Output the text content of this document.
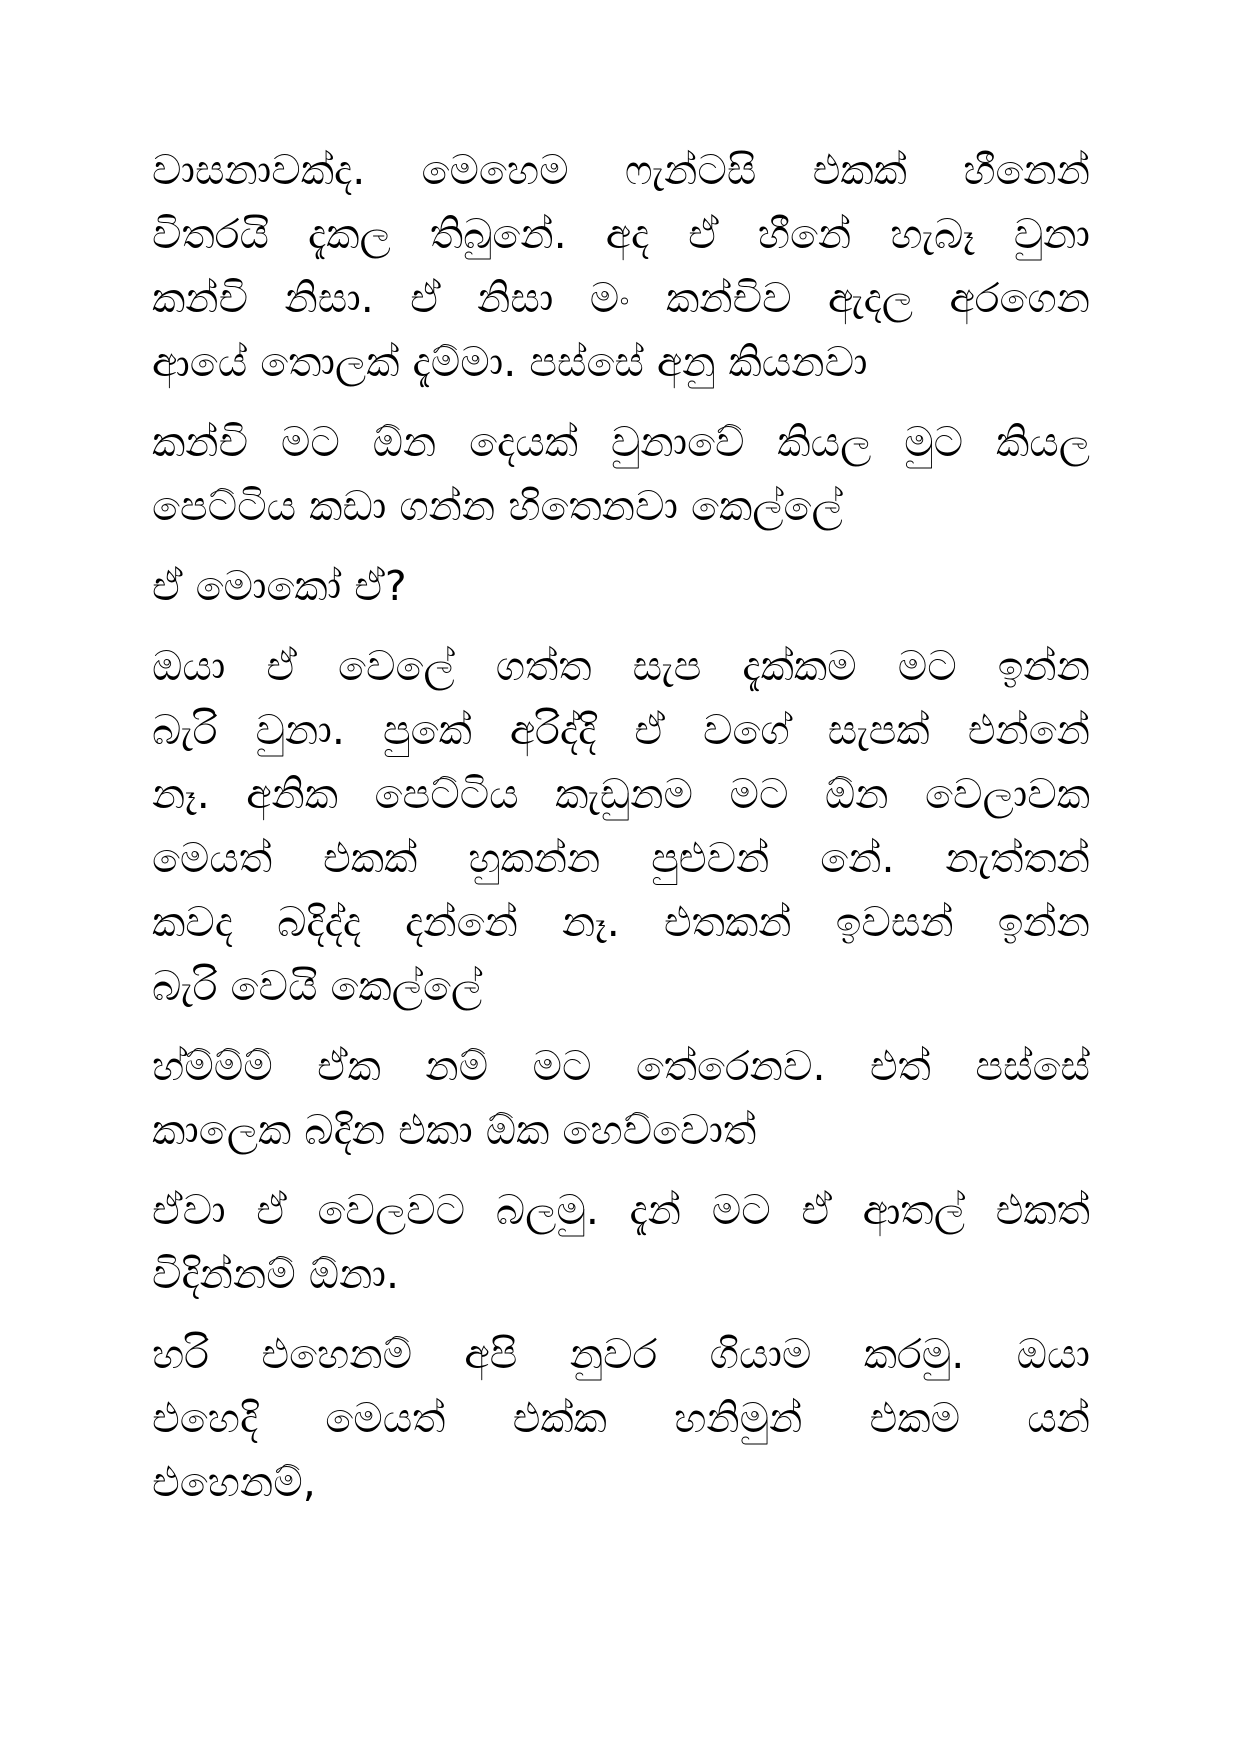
වාසනාවක්ද. මෙහෙම ෆැන්ටසි එකක් හීනෙන්
විතරයි දැකල තිබුනේ. අද ඒ හීනේ හැබෑ වුනා
කන්චි නිසා. ඒ නිසා මං කන්චිව ඇදල අරගෙන
ආයේ තොලක් දැම්මා. පස්සේ අනු කියනවා
කන්චි මට ඕන දෙයක් වුනාවේ කියල මුට කියල
පෙට්ටිය කඩා ගන්න හිතෙනවා කෙල්ලේ
ඒ මොකෝ ඒ?
ඔයා ඒ වෙලේ ගත්ත සැප දැක්කම මට ඉන්න
බැරි වුනා. පුකේ අරිද්දි ඒ වගේ සැපක් එන්නේ
නෑ. අනික පෙට්ටිය කැඩුනම මට ඕන වෙලාවක
මෙයත් එකක් හුකන්න පුළුවන් නේ. නැත්තන්
කවද බදිද්ද දන්නේ නෑ. එතකන් ඉවසන් ඉන්න
බැරි වෙයි කෙල්ලේ
හ්ම්ම්ම් ඒක නම් මට තේරෙනව. එත් පස්සේ
කාලෙක බදින එකා ඕක හෙව්වොත්
ඒවා ඒ වෙලවට බලමු. දැන් මට ඒ ආතල් එකත්
විදින්නම් ඕනා.
හරි එහෙනම් අපි නුවර ගියාම කරමු. ඔයා
එහෙදි මෙයත් එක්ක හනිමුන් එකම යන්
එහෙනම්,
